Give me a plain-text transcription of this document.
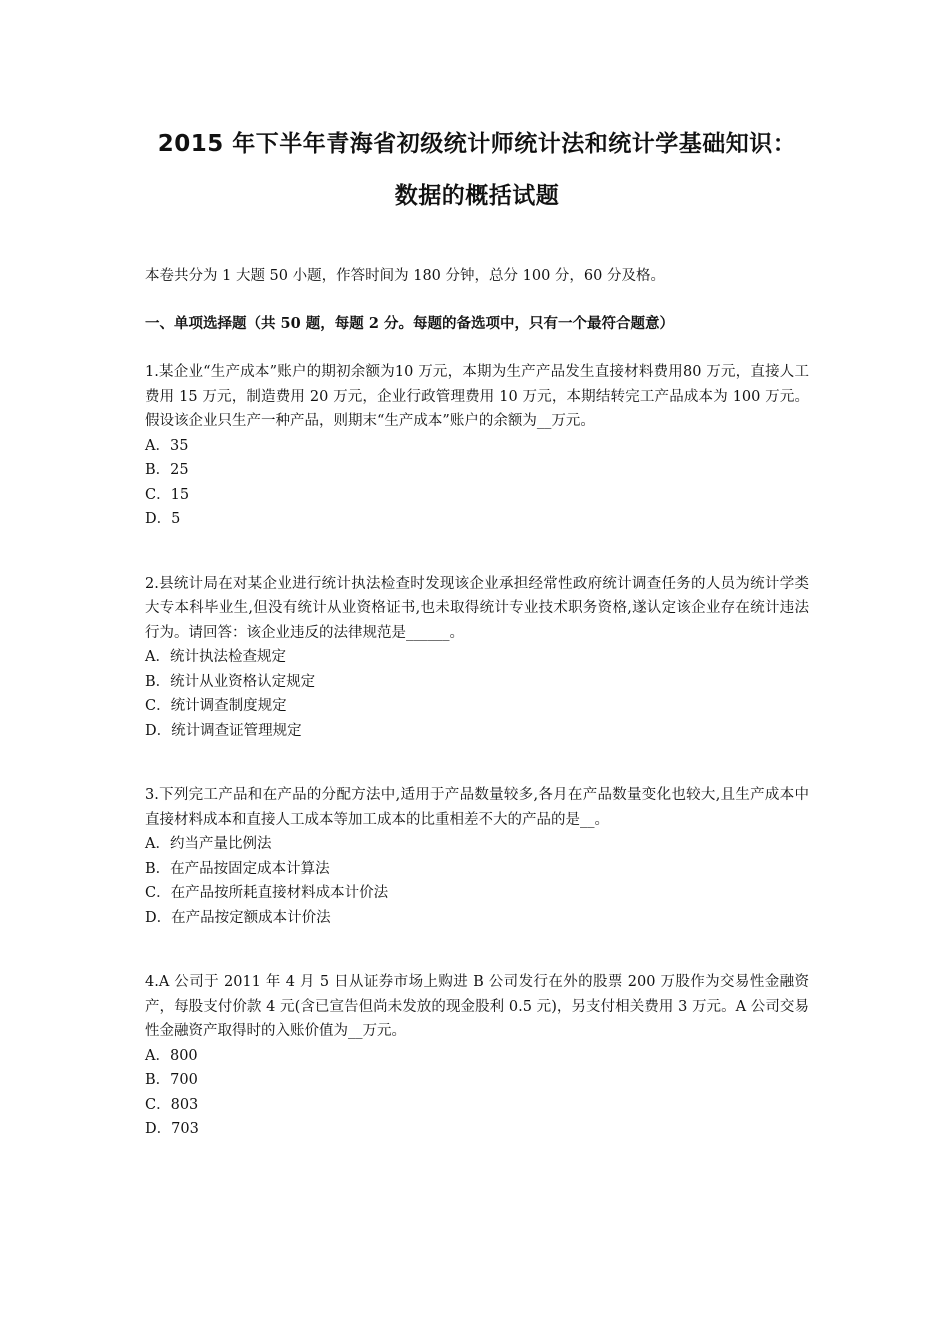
2015 年下半年青海省初级统计师统计法和统计学基础知识：
数据的概括试题

本卷共分为 1 大题 50 小题，作答时间为 180 分钟，总分 100 分，60 分及格。

一、单项选择题（共 50 题，每题 2 分。每题的备选项中，只有一个最符合题意）

1.某企业“生产成本”账户的期初余额为10 万元，本期为生产产品发生直接材料费用80 万元，直接人工费用 15 万元，制造费用 20 万元，企业行政管理费用 10 万元，本期结转完工产品成本为 100 万元。假设该企业只生产一种产品，则期末“生产成本”账户的余额为__万元。

A．35
B．25
C．15
D．5

2.县统计局在对某企业进行统计执法检查时发现该企业承担经常性政府统计调查任务的人员为统计学类大专本科毕业生,但没有统计从业资格证书,也未取得统计专业技术职务资格,遂认定该企业存在统计违法行为。请回答：该企业违反的法律规范是______。

A．统计执法检查规定
B．统计从业资格认定规定
C．统计调查制度规定
D．统计调查证管理规定

3.下列完工产品和在产品的分配方法中,适用于产品数量较多,各月在产品数量变化也较大,且生产成本中直接材料成本和直接人工成本等加工成本的比重相差不大的产品的是__。

A．约当产量比例法
B．在产品按固定成本计算法
C．在产品按所耗直接材料成本计价法
D．在产品按定额成本计价法

4.A 公司于 2011 年 4 月 5 日从证券市场上购进 B 公司发行在外的股票 200 万股作为交易性金融资产，每股支付价款 4 元(含已宣告但尚未发放的现金股利 0.5 元)，另支付相关费用 3 万元。A 公司交易性金融资产取得时的入账价值为__万元。

A．800
B．700
C．803
D．703
